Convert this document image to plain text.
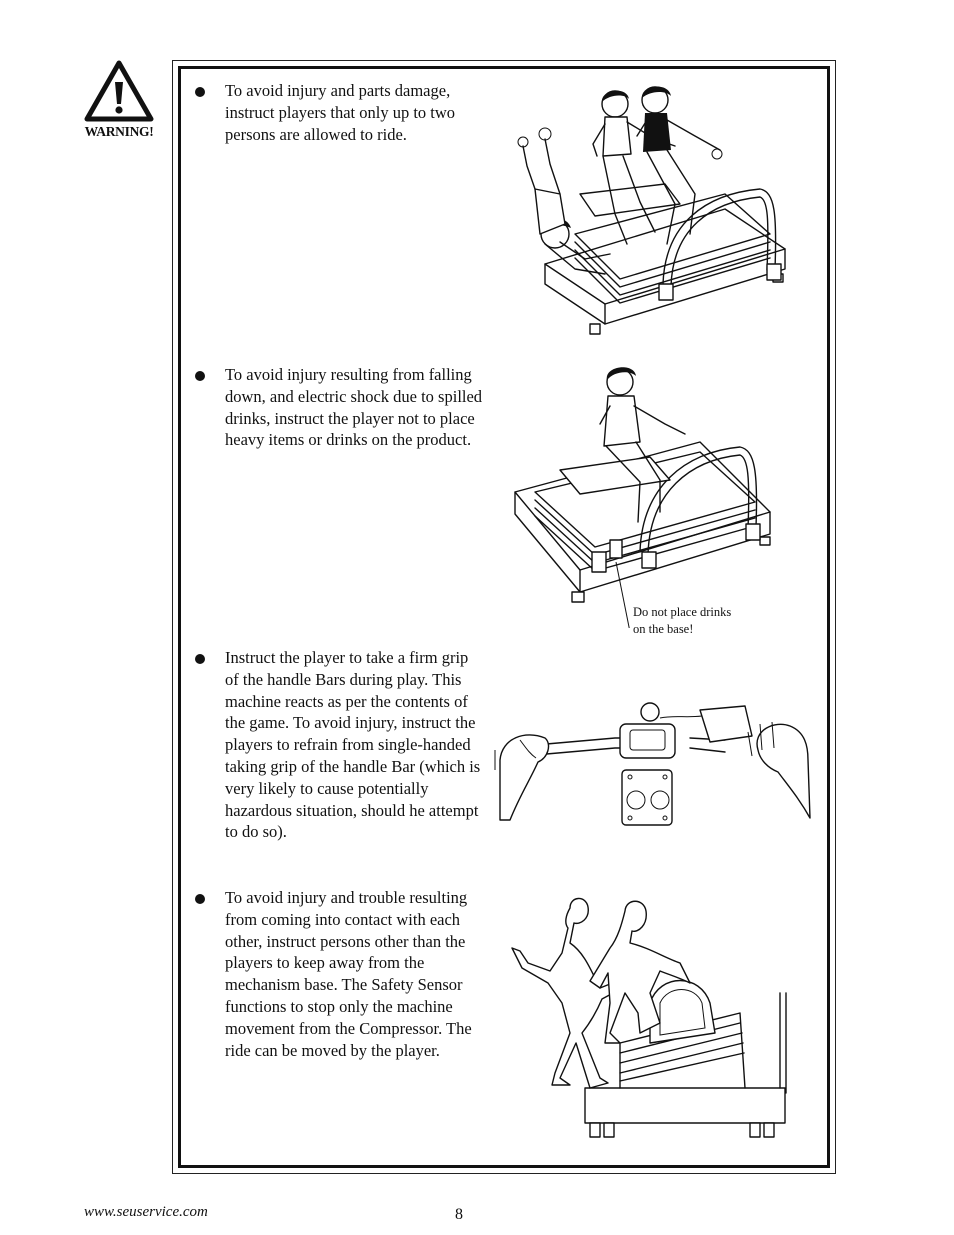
WARNING!

To avoid injury and parts damage, instruct players that only up to two persons are allowed to ride.

To avoid injury resulting from falling down, and electric shock due to spilled drinks, instruct the player not to place heavy items or drinks on the product.

Instruct the player to take a firm grip of the handle Bars during play. This machine reacts as per the contents of the game. To avoid injury, instruct the players to refrain from single-handed taking grip of the handle Bar (which is very likely to cause potentially hazardous situation, should he attempt to do so).

To avoid injury and trouble resulting from coming into contact with each other, instruct persons other than the players to keep away from the mechanism base. The Safety Sensor functions to stop only the machine movement from the Compressor. The ride can be moved by the player.

Do not place drinks
on the base!
www.seuservice.com	8
